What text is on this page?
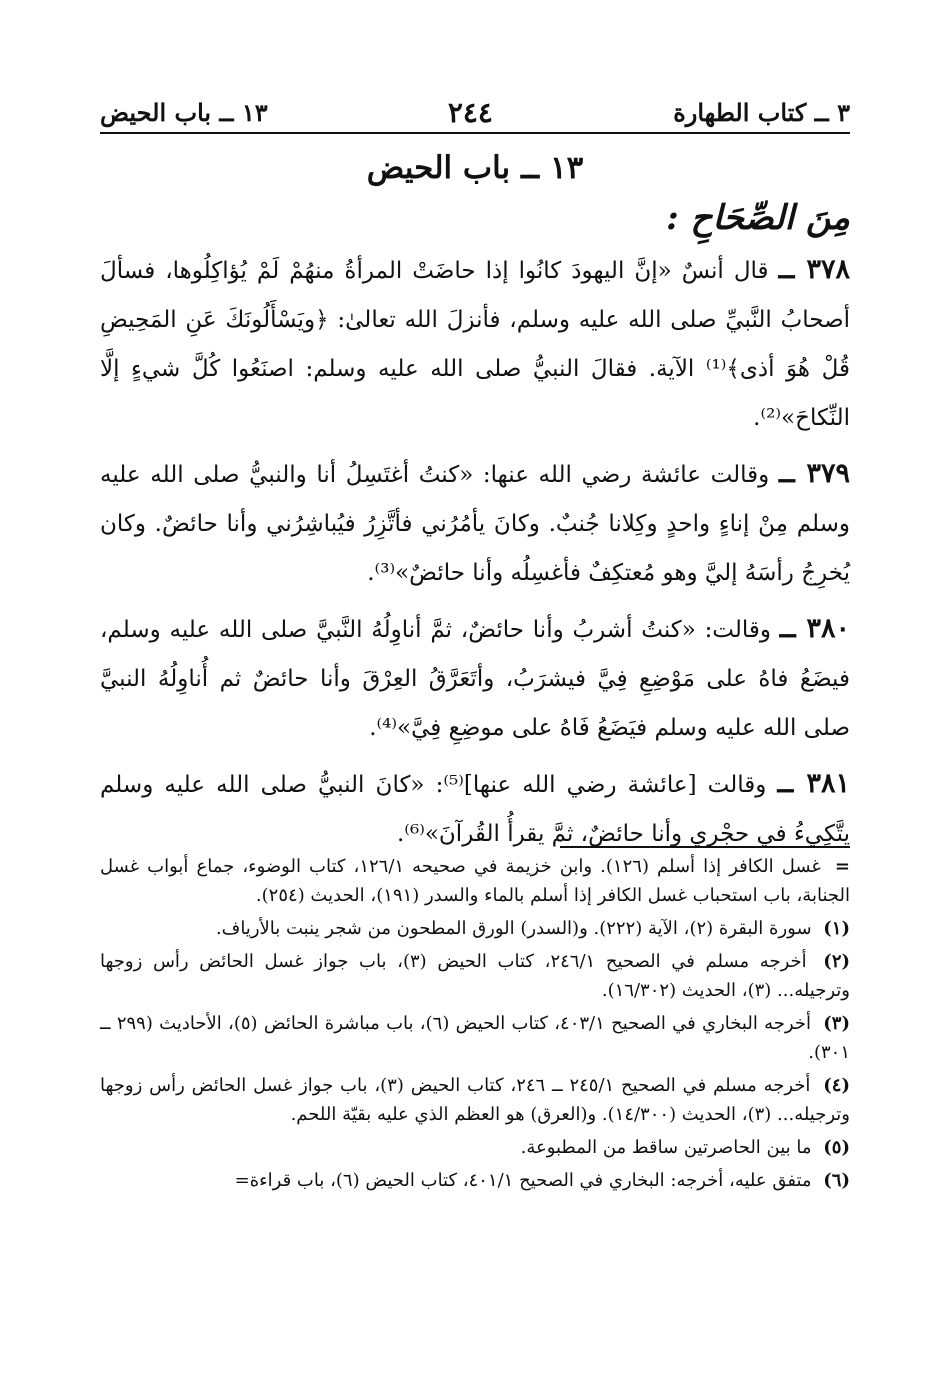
٣ ــ كتاب الطهارة
٢٤٤
١٣ ــ باب الحيض
١٣ ــ باب الحيض
مِنَ الصِّحَاحِ :

٣٧٨ ــ قال أنسٌ «إنَّ اليهودَ كانُوا إذا حاضَتْ المرأةُ منهُمْ لَمْ يُؤاكِلُوها، فسألَ أصحابُ النَّبيِّ صلى الله عليه وسلم، فأنزلَ الله تعالىٰ: ﴿ويَسْأَلُونَكَ عَنِ المَحِيضِ قُلْ هُوَ أذى﴾⁽¹⁾ الآية. فقالَ النبيُّ صلى الله عليه وسلم: اصنَعُوا كُلَّ شيءٍ إلَّا النِّكاحَ»⁽²⁾.

٣٧٩ ــ وقالت عائشة رضي الله عنها: «كنتُ أغتَسِلُ أنا والنبيُّ صلى الله عليه وسلم مِنْ إناءٍ واحدٍ وكِلانا جُنبٌ. وكانَ يأمُرُني فأتَّزِرُ فيُباشِرُني وأنا حائضٌ. وكان يُخرِجُ رأسَهُ إليَّ وهو مُعتكِفٌ فأغسِلُه وأنا حائضٌ»⁽³⁾.

٣٨٠ ــ وقالت: «كنتُ أشربُ وأنا حائضٌ، ثمَّ أناوِلُهُ النَّبيَّ صلى الله عليه وسلم، فيضَعُ فاهُ على مَوْضِعِ فِيَّ فيشرَبُ، وأتَعَرَّقُ العِرْقَ وأنا حائضٌ ثم أُناوِلُهُ النبيَّ صلى الله عليه وسلم فيَضَعُ فَاهُ على موضِعِ فِيَّ»⁽⁴⁾.

٣٨١ ــ وقالت [عائشة رضي الله عنها]⁽⁵⁾: «كانَ النبيُّ صلى الله عليه وسلم يتَّكِيءُ في حجْري وأنا حائضٌ، ثمَّ يقرأُ القُرآنَ»⁽⁶⁾.

= غسل الكافر إذا أسلم (١٢٦). وابن خزيمة في صحيحه ١٢٦/١، كتاب الوضوء، جماع أبواب غسل الجنابة، باب استحباب غسل الكافر إذا أسلم بالماء والسدر (١٩١)، الحديث (٢٥٤).

(١) سورة البقرة (٢)، الآية (٢٢٢). و(السدر) الورق المطحون من شجر ينبت بالأرياف.

(٢) أخرجه مسلم في الصحيح ٢٤٦/١، كتاب الحيض (٣)، باب جواز غسل الحائض رأس زوجها وترجيله... (٣)، الحديث (١٦/٣٠٢).

(٣) أخرجه البخاري في الصحيح ٤٠٣/١، كتاب الحيض (٦)، باب مباشرة الحائض (٥)، الأحاديث (٢٩٩ ــ ٣٠١).

(٤) أخرجه مسلم في الصحيح ٢٤٥/١ ــ ٢٤٦، كتاب الحيض (٣)، باب جواز غسل الحائض رأس زوجها وترجيله... (٣)، الحديث (١٤/٣٠٠). و(العرق) هو العظم الذي عليه بقيّة اللحم.

(٥) ما بين الحاصرتين ساقط من المطبوعة.

(٦) متفق عليه، أخرجه: البخاري في الصحيح ٤٠١/١، كتاب الحيض (٦)، باب قراءة=
